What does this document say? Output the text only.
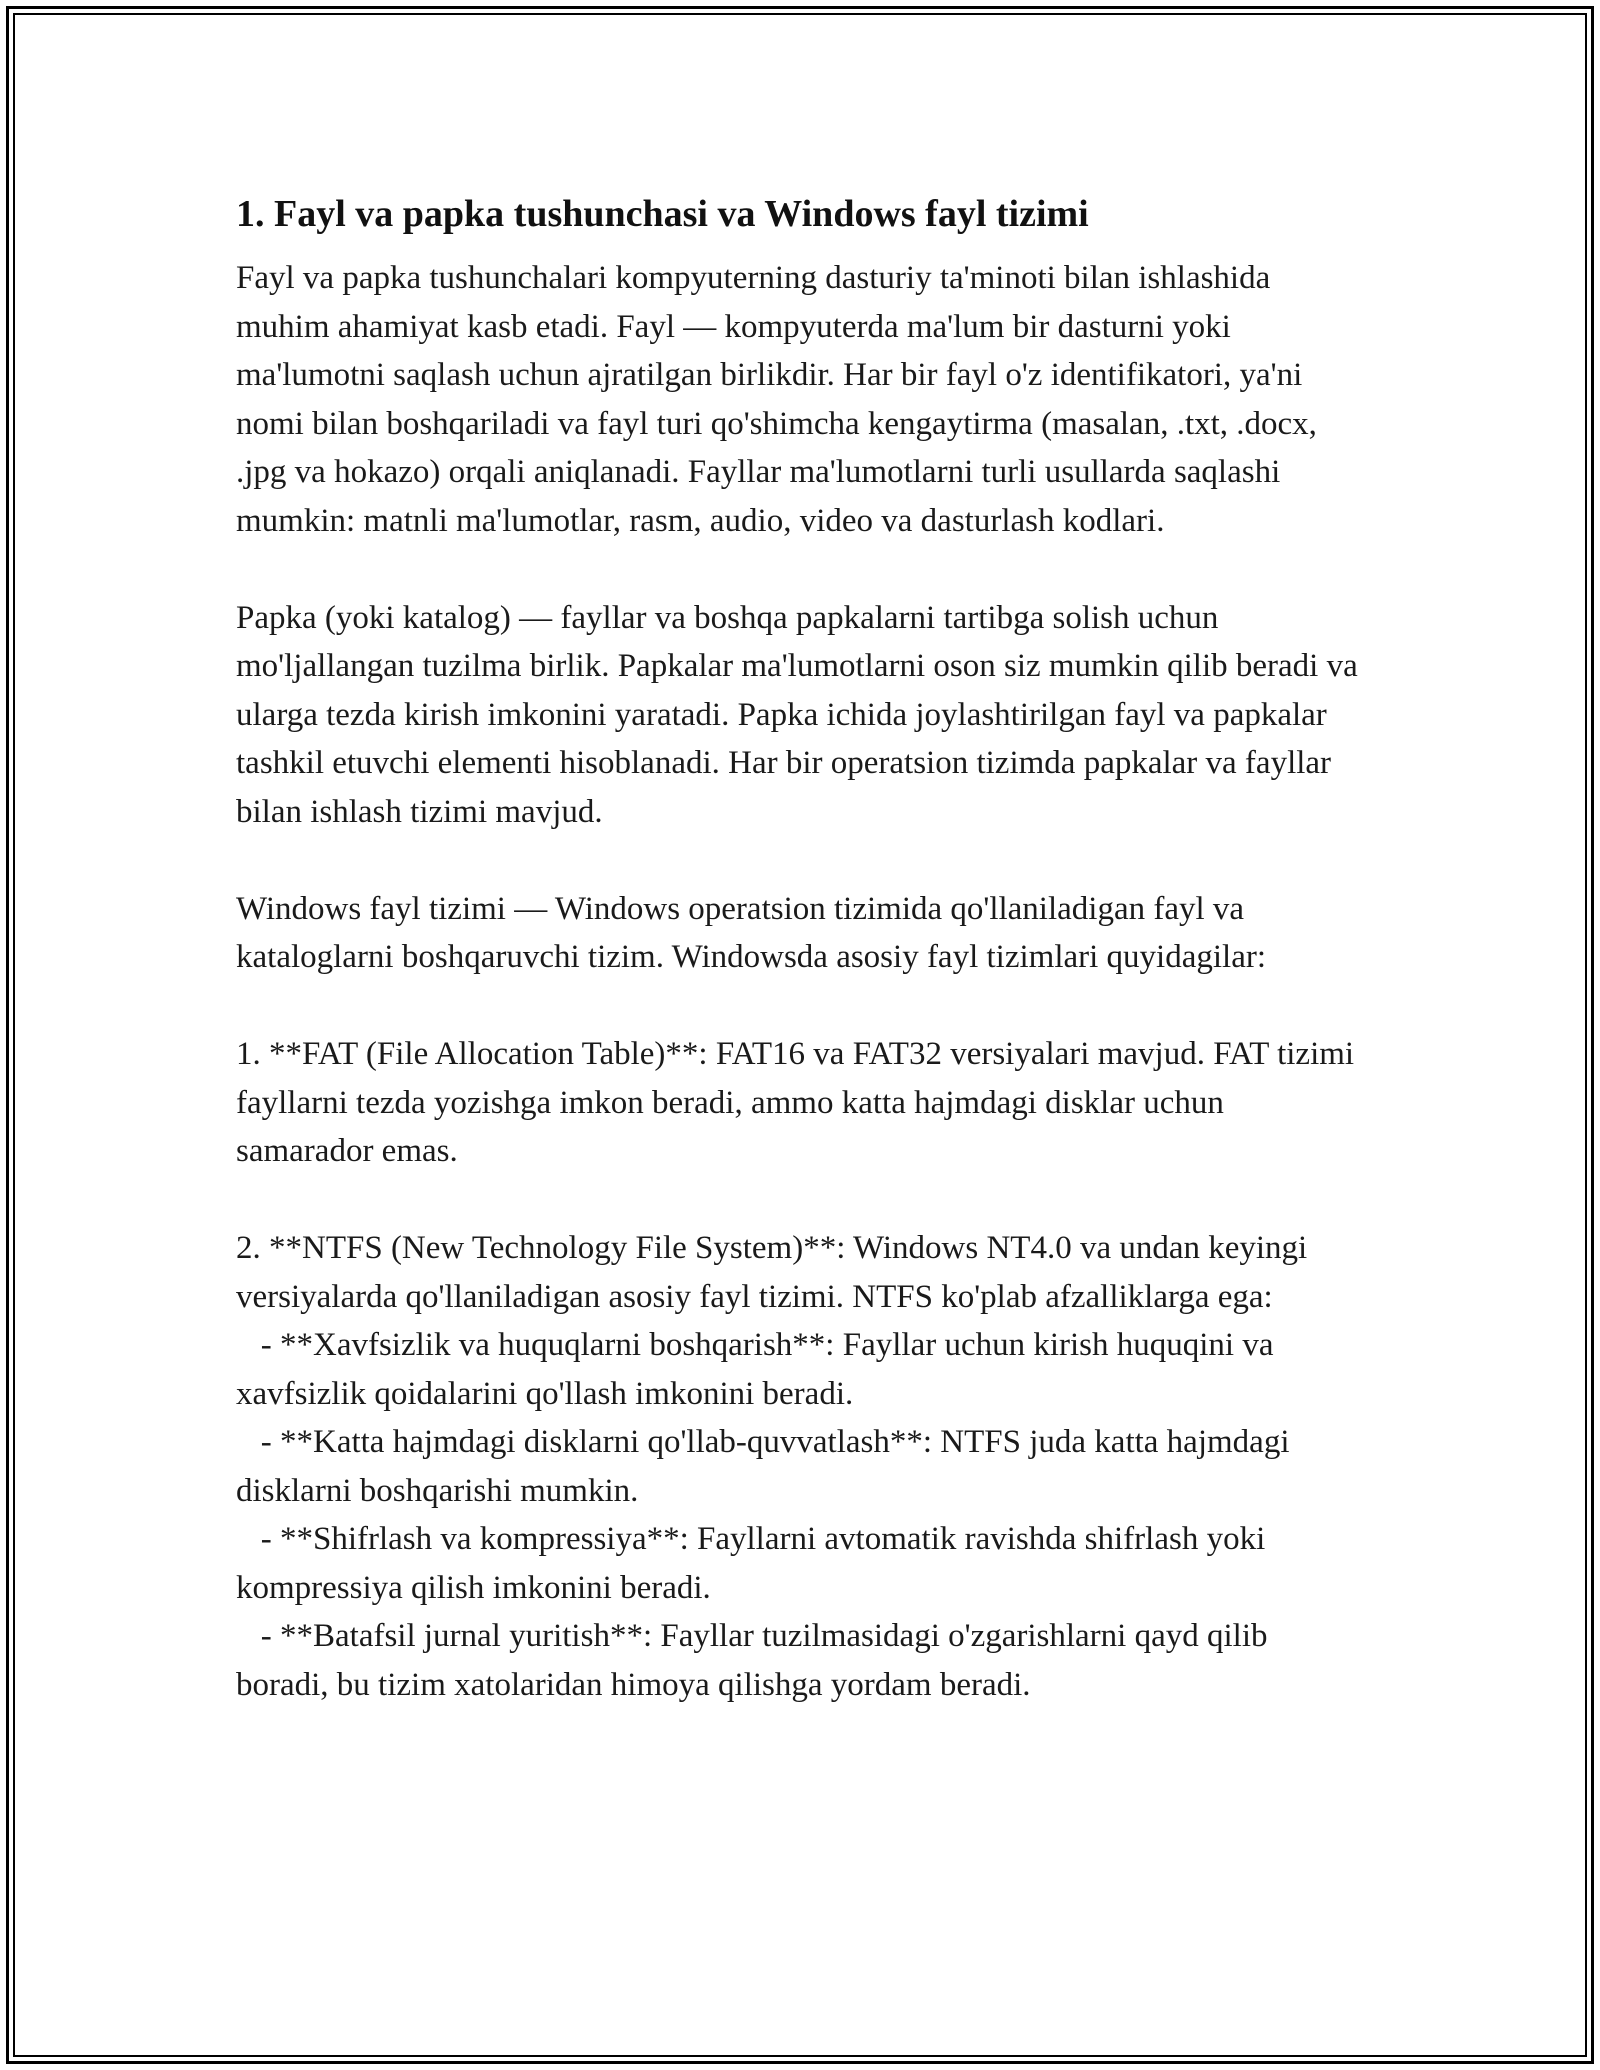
1. Fayl va papka tushunchasi va Windows fayl tizimi

Fayl va papka tushunchalari kompyuterning dasturiy ta'minoti bilan ishlashida muhim ahamiyat kasb etadi. Fayl — kompyuterda ma'lum bir dasturni yoki ma'lumotni saqlash uchun ajratilgan birlikdir. Har bir fayl o'z identifikatori, ya'ni nomi bilan boshqariladi va fayl turi qo'shimcha kengaytirma (masalan, .txt, .docx, .jpg va hokazo) orqali aniqlanadi. Fayllar ma'lumotlarni turli usullarda saqlashi mumkin: matnli ma'lumotlar, rasm, audio, video va dasturlash kodlari.

Papka (yoki katalog) — fayllar va boshqa papkalarni tartibga solish uchun mo'ljallangan tuzilma birlik. Papkalar ma'lumotlarni oson siz mumkin qilib beradi va ularga tezda kirish imkonini yaratadi. Papka ichida joylashtirilgan fayl va papkalar tashkil etuvchi elementi hisoblanadi. Har bir operatsion tizimda papkalar va fayllar bilan ishlash tizimi mavjud.

Windows fayl tizimi — Windows operatsion tizimida qo'llaniladigan fayl va kataloglarni boshqaruvchi tizim. Windowsda asosiy fayl tizimlari quyidagilar:

1. **FAT (File Allocation Table)**: FAT16 va FAT32 versiyalari mavjud. FAT tizimi fayllarni tezda yozishga imkon beradi, ammo katta hajmdagi disklar uchun samarador emas.

2. **NTFS (New Technology File System)**: Windows NT4.0 va undan keyingi versiyalarda qo'llaniladigan asosiy fayl tizimi. NTFS ko'plab afzalliklarga ega:

- **Xavfsizlik va huquqlarni boshqarish**: Fayllar uchun kirish huquqini va xavfsizlik qoidalarini qo'llash imkonini beradi.

- **Katta hajmdagi disklarni qo'llab-quvvatlash**: NTFS juda katta hajmdagi disklarni boshqarishi mumkin.

- **Shifrlash va kompressiya**: Fayllarni avtomatik ravishda shifrlash yoki kompressiya qilish imkonini beradi.

- **Batafsil jurnal yuritish**: Fayllar tuzilmasidagi o'zgarishlarni qayd qilib boradi, bu tizim xatolaridan himoya qilishga yordam beradi.
